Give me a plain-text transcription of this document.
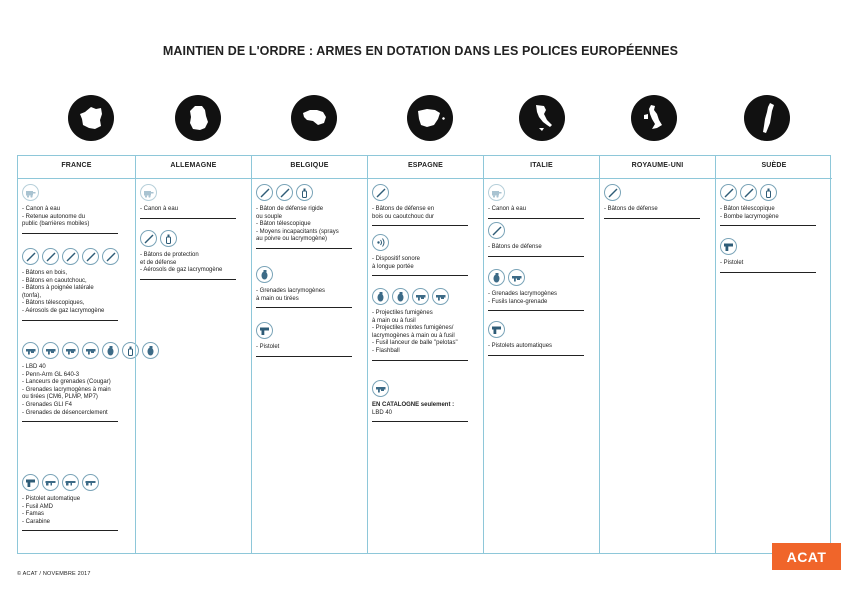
MAINTIEN DE L'ORDRE : ARMES EN DOTATION DANS LES POLICES EUROPÉENNES
FRANCE
- Canon à eau
- Retenue autonome du
public (barrières mobiles)
- Bâtons en bois,
- Bâtons en caoutchouc,
- Bâtons à poignée latérale
(tonfa),
- Bâtons télescopiques,
- Aérosols de gaz lacrymogène
- LBD 40
- Penn-Arm GL 640-3
- Lanceurs de grenades (Cougar)
- Grenades lacrymogènes à main
ou tirées (CM6, PLMP, MP7)
- Grenades GLI F4
- Grenades de désencerclement
- Pistolet automatique
- Fusil AMD
- Famas
- Carabine
ALLEMAGNE
- Canon à eau
- Bâtons de protection
et de défense
- Aérosols de gaz lacrymogène
BELGIQUE
- Bâton de défense rigide
ou souple
- Bâton télescopique
- Moyens incapacitants (sprays
au poivre ou lacrymogène)
- Grenades lacrymogènes
à main ou tirées
- Pistolet
ESPAGNE
- Bâtons de défense en
bois ou caoutchouc dur
- Dispositif sonore
à longue portée
- Projectiles fumigènes
à main ou à fusil
- Projectiles mixtes fumigènes/
lacrymogènes à main ou à fusil
- Fusil lanceur de balle "pelotas"
- Flashball
EN CATALOGNE seulement :
LBD 40
ITALIE
- Canon à eau
- Bâtons de défense
- Grenades lacrymogènes
- Fusils lance-grenade
- Pistolets automatiques
ROYAUME-UNI
- Bâtons de défense
SUÈDE
- Bâton télescopique
- Bombe lacrymogène
- Pistolet
© ACAT / NOVEMBRE 2017
ACAT
